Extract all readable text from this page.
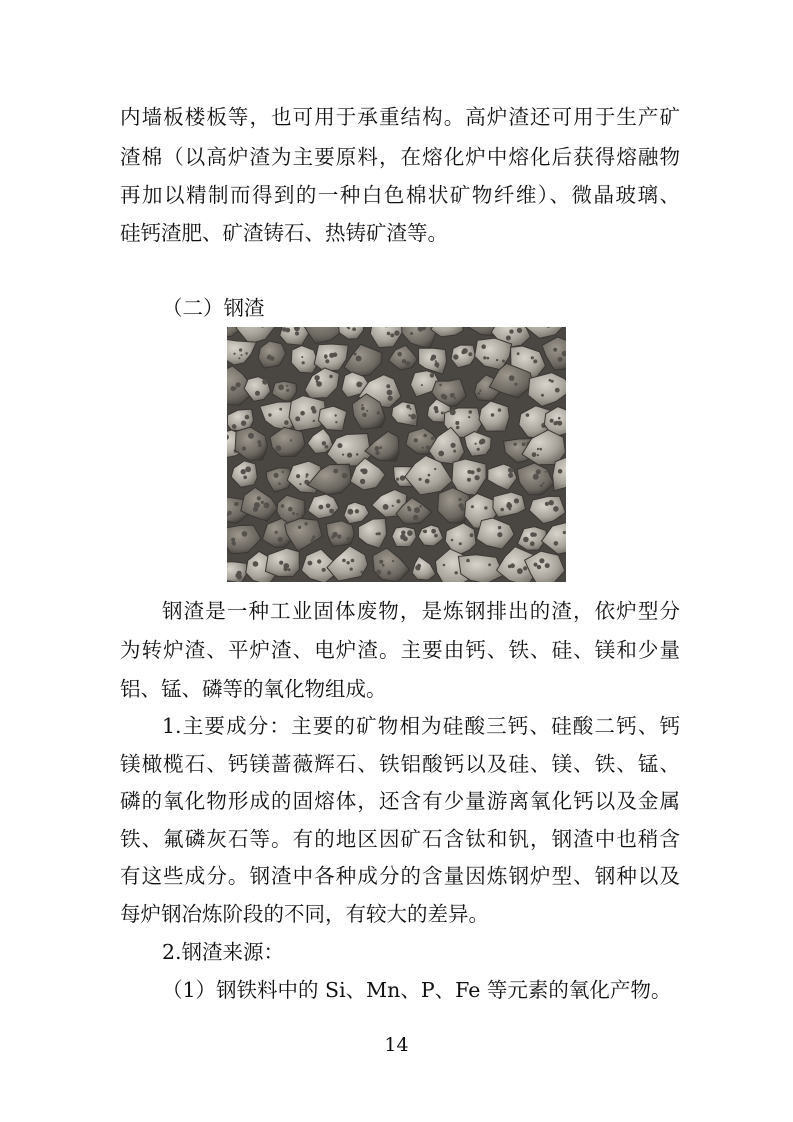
内墙板楼板等，也可用于承重结构。高炉渣还可用于生产矿
渣棉（以高炉渣为主要原料，在熔化炉中熔化后获得熔融物
再加以精制而得到的一种白色棉状矿物纤维）、微晶玻璃、
硅钙渣肥、矿渣铸石、热铸矿渣等。
（二）钢渣
钢渣是一种工业固体废物，是炼钢排出的渣，依炉型分
为转炉渣、平炉渣、电炉渣。主要由钙、铁、硅、镁和少量
铝、锰、磷等的氧化物组成。
1.主要成分：主要的矿物相为硅酸三钙、硅酸二钙、钙
镁橄榄石、钙镁蔷薇辉石、铁铝酸钙以及硅、镁、铁、锰、
磷的氧化物形成的固熔体，还含有少量游离氧化钙以及金属
铁、氟磷灰石等。有的地区因矿石含钛和钒，钢渣中也稍含
有这些成分。钢渣中各种成分的含量因炼钢炉型、钢种以及
每炉钢冶炼阶段的不同，有较大的差异。
2.钢渣来源：
（1）钢铁料中的 Si、Mn、P、Fe 等元素的氧化产物。
14
